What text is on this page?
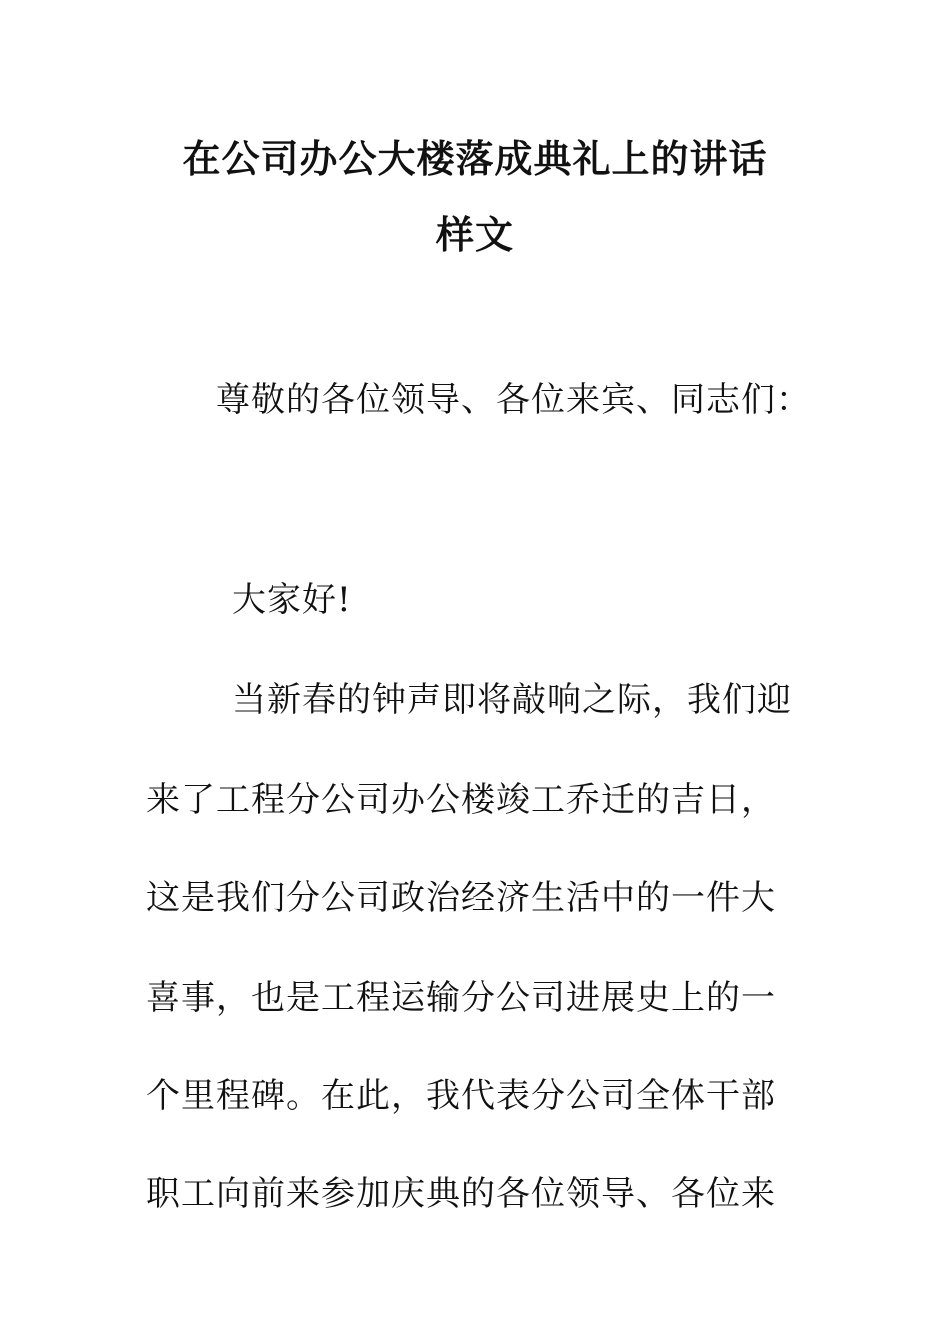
在公司办公大楼落成典礼上的讲话
样文
尊敬的各位领导、各位来宾、同志们：
大家好!
当新春的钟声即将敲响之际，我们迎
来了工程分公司办公楼竣工乔迁的吉日，
这是我们分公司政治经济生活中的一件大
喜事，也是工程运输分公司进展史上的一
个里程碑。在此，我代表分公司全体干部
职工向前来参加庆典的各位领导、各位来
